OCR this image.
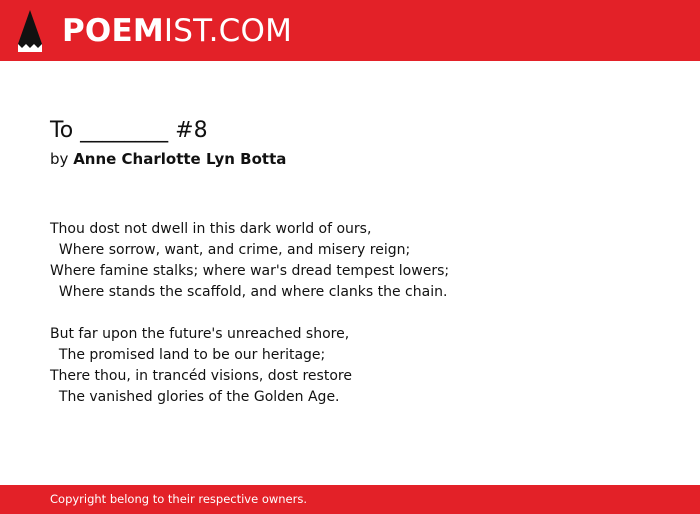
POEMIST.COM
To ________ #8
by Anne Charlotte Lyn Botta
Thou dost not dwell in this dark world of ours,
Where sorrow, want, and crime, and misery reign;
Where famine stalks; where war's dread tempest lowers;
Where stands the scaffold, and where clanks the chain.
But far upon the future's unreached shore,
The promised land to be our heritage;
There thou, in trancéd visions, dost restore
The vanished glories of the Golden Age.
Copyright belong to their respective owners.
